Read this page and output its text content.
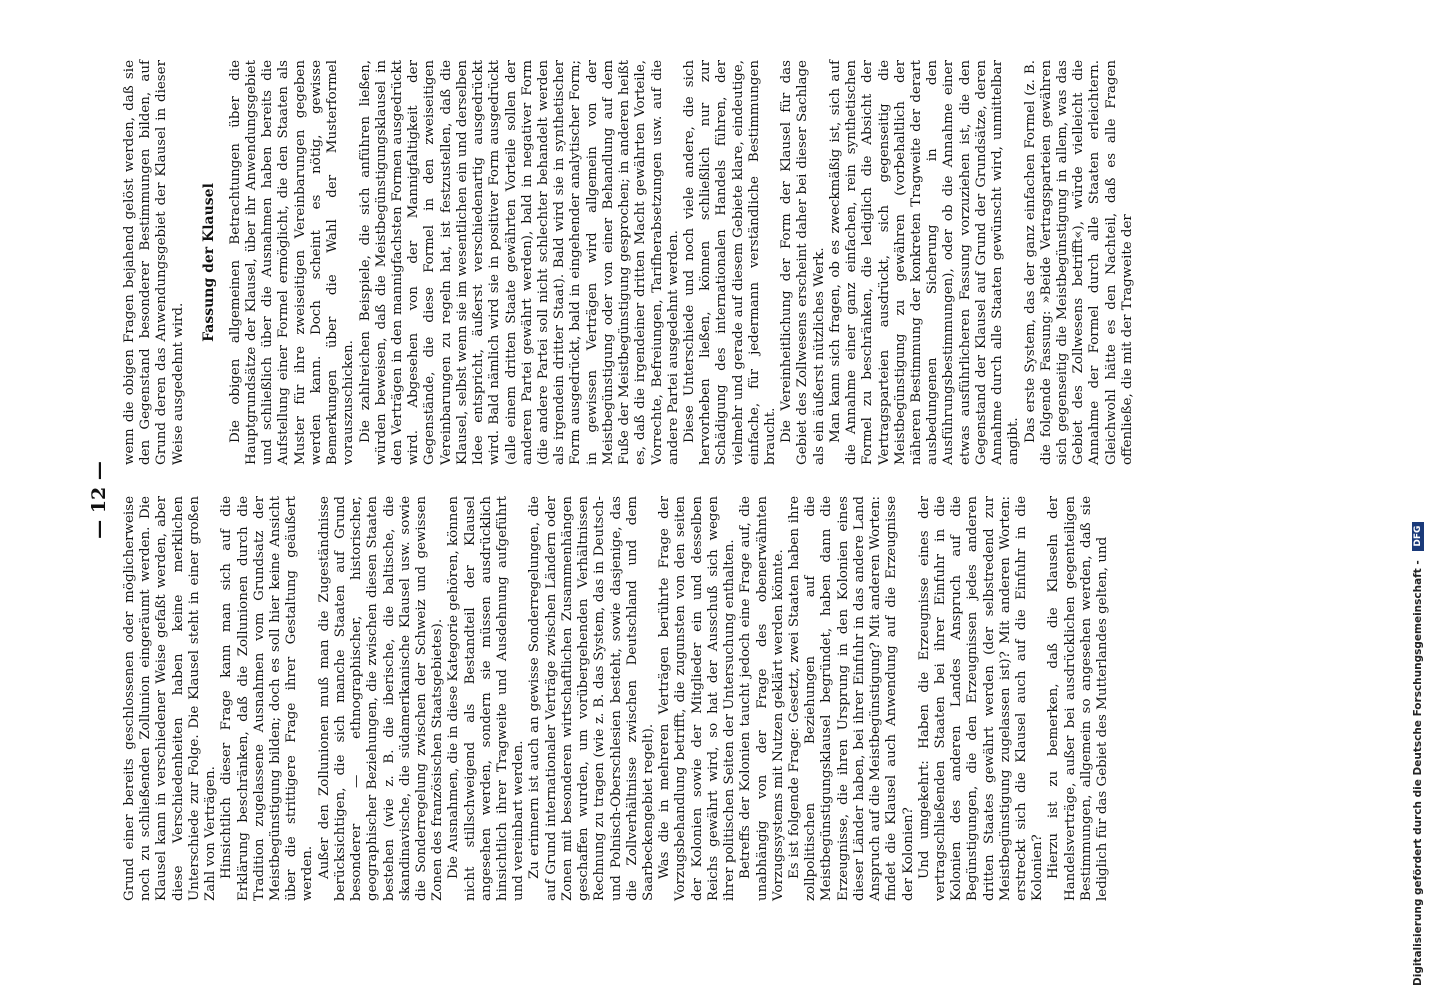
— 12 — Grund einer bereits geschlossenen oder möglicherweise noch zu schließenden Zollunion eingeräumt werden. Die Klausel kann in verschiedener Weise gefaßt werden, aber diese Verschiedenheiten haben keine merklichen Unterschiede zur Folge. Die Klausel steht in einer großen Zahl von Verträgen. Hinsichtlich dieser Frage kann man sich auf die Erklärung beschränken, daß die Zollunionen durch die Tradition zugelassene Ausnahmen vom Grundsatz der Meistbegünstigung bilden; doch es soll hier keine Ansicht über die strittigere Frage ihrer Gestaltung geäußert werden. Außer den Zollunionen muß man die Zugeständnisse berücksichtigen, die sich manche Staaten auf Grund besonderer — ethnographischer, historischer, geographischer Beziehungen, die zwischen diesen Staaten bestehen (wie z. B. die iberische, die baltische, die skandinavische, die südamerikanische Klausel usw. sowie die Sonderregelung zwischen der Schweiz und gewissen Zonen des französischen Staatsgebietes). Die Ausnahmen, die in diese Kategorie gehören, können nicht stillschweigend als Bestandteil der Klausel angesehen werden, sondern sie müssen ausdrücklich hinsichtlich ihrer Tragweite und Ausdehnung aufgeführt und vereinbart werden. Zu erinnern ist auch an gewisse Sonderregelungen, die auf Grund internationaler Verträge zwischen Ländern oder Zonen mit besonderen wirtschaftlichen Zusammenhängen geschaffen wurden, um vorübergehenden Verhältnissen Rechnung zu tragen (wie z. B. das System, das in Deutsch- und Polnisch-Oberschlesien besteht, sowie dasjenige, das die Zollverhältnisse zwischen Deutschland und dem Saarbeckengebiet regelt). Was die in mehreren Verträgen berührte Frage der Vorzugsbehandlung betrifft, die zugunsten von den seiten der Kolonien sowie der Mitglieder ein und desselben Reichs gewährt wird, so hat der Ausschuß sich wegen ihrer politischen Seiten der Untersuchung enthalten. Betreffs der Kolonien taucht jedoch eine Frage auf, die unabhängig von der Frage des obenerwähnten Vorzugssystems mit Nutzen geklärt werden könnte. Es ist folgende Frage: Gesetzt, zwei Staaten haben ihre zollpolitischen Beziehungen auf die Meistbegünstigungsklausel begründet, haben dann die Erzeugnisse, die ihren Ursprung in den Kolonien eines dieser Länder haben, bei ihrer Einfuhr in das andere Land Anspruch auf die Meistbegünstigung? Mit anderen Worten: findet die Klausel auch Anwendung auf die Erzeugnisse der Kolonien? Und umgekehrt: Haben die Erzeugnisse eines der vertragschließenden Staaten bei ihrer Einfuhr in die Kolonien des anderen Landes Anspruch auf die Begünstigungen, die den Erzeugnissen jedes anderen dritten Staates gewährt werden (der selbstredend zur Meistbegünstigung zugelassen ist)? Mit anderen Worten: erstreckt sich die Klausel auch auf die Einfuhr in die Kolonien? Hierzu ist zu bemerken, daß die Klauseln der Handelsverträge, außer bei ausdrücklichen gegenteiligen Bestimmungen, allgemein so angesehen werden, daß sie lediglich für das Gebiet des Mutterlandes gelten, und

wenn die obigen Fragen bejahend gelöst werden, daß sie den Gegenstand besonderer Bestimmungen bilden, auf Grund deren das Anwendungsgebiet der Klausel in dieser Weise ausgedehnt wird.

Fassung der Klausel Die obigen allgemeinen Betrachtungen über die Hauptgrundsätze der Klausel, über ihr Anwendungsgebiet und schließlich über die Ausnahmen haben bereits die Aufstellung einer Formel ermöglicht, die den Staaten als Muster für ihre zweiseitigen Vereinbarungen gegeben werden kann. Doch scheint es nötig, gewisse Bemerkungen über die Wahl der Musterformel vorauszuschicken. Die zahlreichen Beispiele, die sich anführen ließen, würden beweisen, daß die Meistbegünstigungsklausel in den Verträgen in den mannigfachsten Formen ausgedrückt wird. Abgesehen von der Mannigfaltigkeit der Gegenstände, die diese Formel in den zweiseitigen Vereinbarungen zu regeln hat, ist festzustellen, daß die Klausel, selbst wenn sie im wesentlichen ein und derselben Idee entspricht, äußerst verschiedenartig ausgedrückt wird. Bald nämlich wird sie in positiver Form ausgedrückt (alle einem dritten Staate gewährten Vorteile sollen der anderen Partei gewährt werden), bald in negativer Form (die andere Partei soll nicht schlechter behandelt werden als irgendein dritter Staat). Bald wird sie in synthetischer Form ausgedrückt, bald in eingehender analytischer Form; in gewissen Verträgen wird allgemein von der Meistbegünstigung oder von einer Behandlung auf dem Fuße der Meistbegünstigung gesprochen; in anderen heißt es, daß die irgendeiner dritten Macht gewährten Vorteile, Vorrechte, Befreiungen, Tarifherabsetzungen usw. auf die andere Partei ausgedehnt werden. Diese Unterschiede und noch viele andere, die sich hervorheben ließen, können schließlich nur zur Schädigung des internationalen Handels führen, der vielmehr und gerade auf diesem Gebiete klare, eindeutige, einfache, für jedermann verständliche Bestimmungen braucht. Die Vereinheitlichung der Form der Klausel für das Gebiet des Zollwesens erscheint daher bei dieser Sachlage als ein äußerst nützliches Werk. Man kann sich fragen, ob es zweckmäßig ist, sich auf die Annahme einer ganz einfachen, rein synthetischen Formel zu beschränken, die lediglich die Absicht der Vertragsparteien ausdrückt, sich gegenseitig die Meistbegünstigung zu gewähren (vorbehaltlich der näheren Bestimmung der konkreten Tragweite der derart ausbedungenen Sicherung in den Ausführungsbestimmungen), oder ob die Annahme einer etwas ausführlicheren Fassung vorzuziehen ist, die den Gegenstand der Klausel auf Grund der Grundsätze, deren Annahme durch alle Staaten gewünscht wird, unmittelbar angibt. Das erste System, das der ganz einfachen Formel (z. B. die folgende Fassung: »Beide Vertragsparteien gewähren sich gegenseitig die Meistbegünstigung in allem, was das Gebiet des Zollwesens betrifft«), würde vielleicht die Annahme der Formel durch alle Staaten erleichtern. Gleichwohl hätte es den Nachteil, daß es alle Fragen offenließe, die mit der Tragweite der

Digitalisierung gefördert durch die Deutsche Forschungsgemeinschaft - DFG
